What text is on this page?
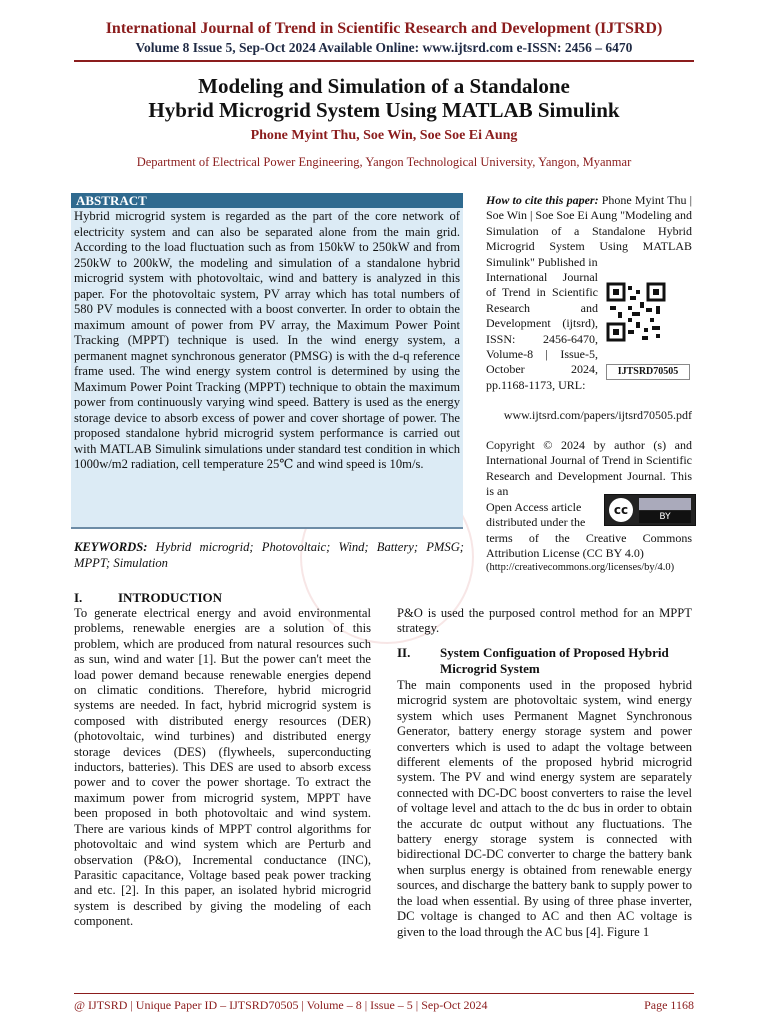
International Journal of Trend in Scientific Research and Development (IJTSRD)
Volume 8 Issue 5, Sep-Oct 2024 Available Online: www.ijtsrd.com e-ISSN: 2456 – 6470
Modeling and Simulation of a Standalone
Hybrid Microgrid System Using MATLAB Simulink
Phone Myint Thu, Soe Win, Soe Soe Ei Aung
Department of Electrical Power Engineering, Yangon Technological University, Yangon, Myanmar
ABSTRACT
Hybrid microgrid system is regarded as the part of the core network of electricity system and can also be separated alone from the main grid. According to the load fluctuation such as from 150kW to 250kW and from 250kW to 200kW, the modeling and simulation of a standalone hybrid microgrid system with photovoltaic, wind and battery is analyzed in this paper. For the photovoltaic system, PV array which has total numbers of 580 PV modules is connected with a boost converter. In order to obtain the maximum amount of power from PV array, the Maximum Power Point Tracking (MPPT) technique is used. In the wind energy system, a permanent magnet synchronous generator (PMSG) is with the d-q reference frame used. The wind energy system control is determined by using the Maximum Power Point Tracking (MPPT) technique to obtain the maximum power from continuously varying wind speed. Battery is used as the energy storage device to absorb excess of power and cover shortage of power. The proposed standalone hybrid microgrid system performance is carried out with MATLAB Simulink simulations under standard test condition in which 1000w/m2 radiation, cell temperature 25℃ and wind speed is 10m/s.
KEYWORDS: Hybrid microgrid; Photovoltaic; Wind; Battery; PMSG; MPPT; Simulation
How to cite this paper: Phone Myint Thu | Soe Win | Soe Soe Ei Aung "Modeling and Simulation of a Standalone Hybrid Microgrid System Using MATLAB Simulink" Published in
International Journal of Trend in Scientific Research and Development (ijtsrd), ISSN: 2456-6470, Volume-8 | Issue-5, October 2024, pp.1168-1173, URL:
www.ijtsrd.com/papers/ijtsrd70505.pdf
IJTSRD70505
Copyright © 2024 by author (s) and International Journal of Trend in Scientific Research and Development Journal. This is an
Open Access article distributed under the
terms of the Creative Commons Attribution License (CC BY 4.0)
(http://creativecommons.org/licenses/by/4.0)
cc	BY
I.	INTRODUCTION
To generate electrical energy and avoid environmental problems, renewable energies are a solution of this problem, which are produced from natural resources such as sun, wind and water [1]. But the power can't meet the load power demand because renewable energies depend on climatic conditions. Therefore, hybrid microgrid systems are needed. In fact, hybrid microgrid system is composed with distributed energy resources (DER) (photovoltaic, wind turbines) and distributed energy storage devices (DES) (flywheels, superconducting inductors, batteries). This DES are used to absorb excess power and to cover the power shortage. To extract the maximum power from microgrid system, MPPT have been proposed in both photovoltaic and wind system. There are various kinds of MPPT control algorithms for photovoltaic and wind system which are Perturb and observation (P&O), Incremental conductance (INC), Parasitic capacitance, Voltage based peak power tracking and etc. [2]. In this paper, an isolated hybrid microgrid system is described by giving the modeling of each component.
P&O is used the purposed control method for an MPPT strategy.
II. System Configuation of Proposed Hybrid Microgrid System
The main components used in the proposed hybrid microgrid system are photovoltaic system, wind energy system which uses Permanent Magnet Synchronous Generator, battery energy storage system and power converters which is used to adapt the voltage between different elements of the proposed hybrid microgrid system. The PV and wind energy system are separately connected with DC-DC boost converters to raise the level of voltage level and attach to the dc bus in order to obtain the accurate dc output without any fluctuations. The battery energy storage system is connected with bidirectional DC-DC converter to charge the battery bank when surplus energy is obtained from renewable energy sources, and discharge the battery bank to supply power to the load when essential. By using of three phase inverter, DC voltage is changed to AC and then AC voltage is given to the load through the AC bus [4]. Figure 1
@ IJTSRD | Unique Paper ID – IJTSRD70505 | Volume – 8 | Issue – 5 | Sep-Oct 2024	Page 1168
